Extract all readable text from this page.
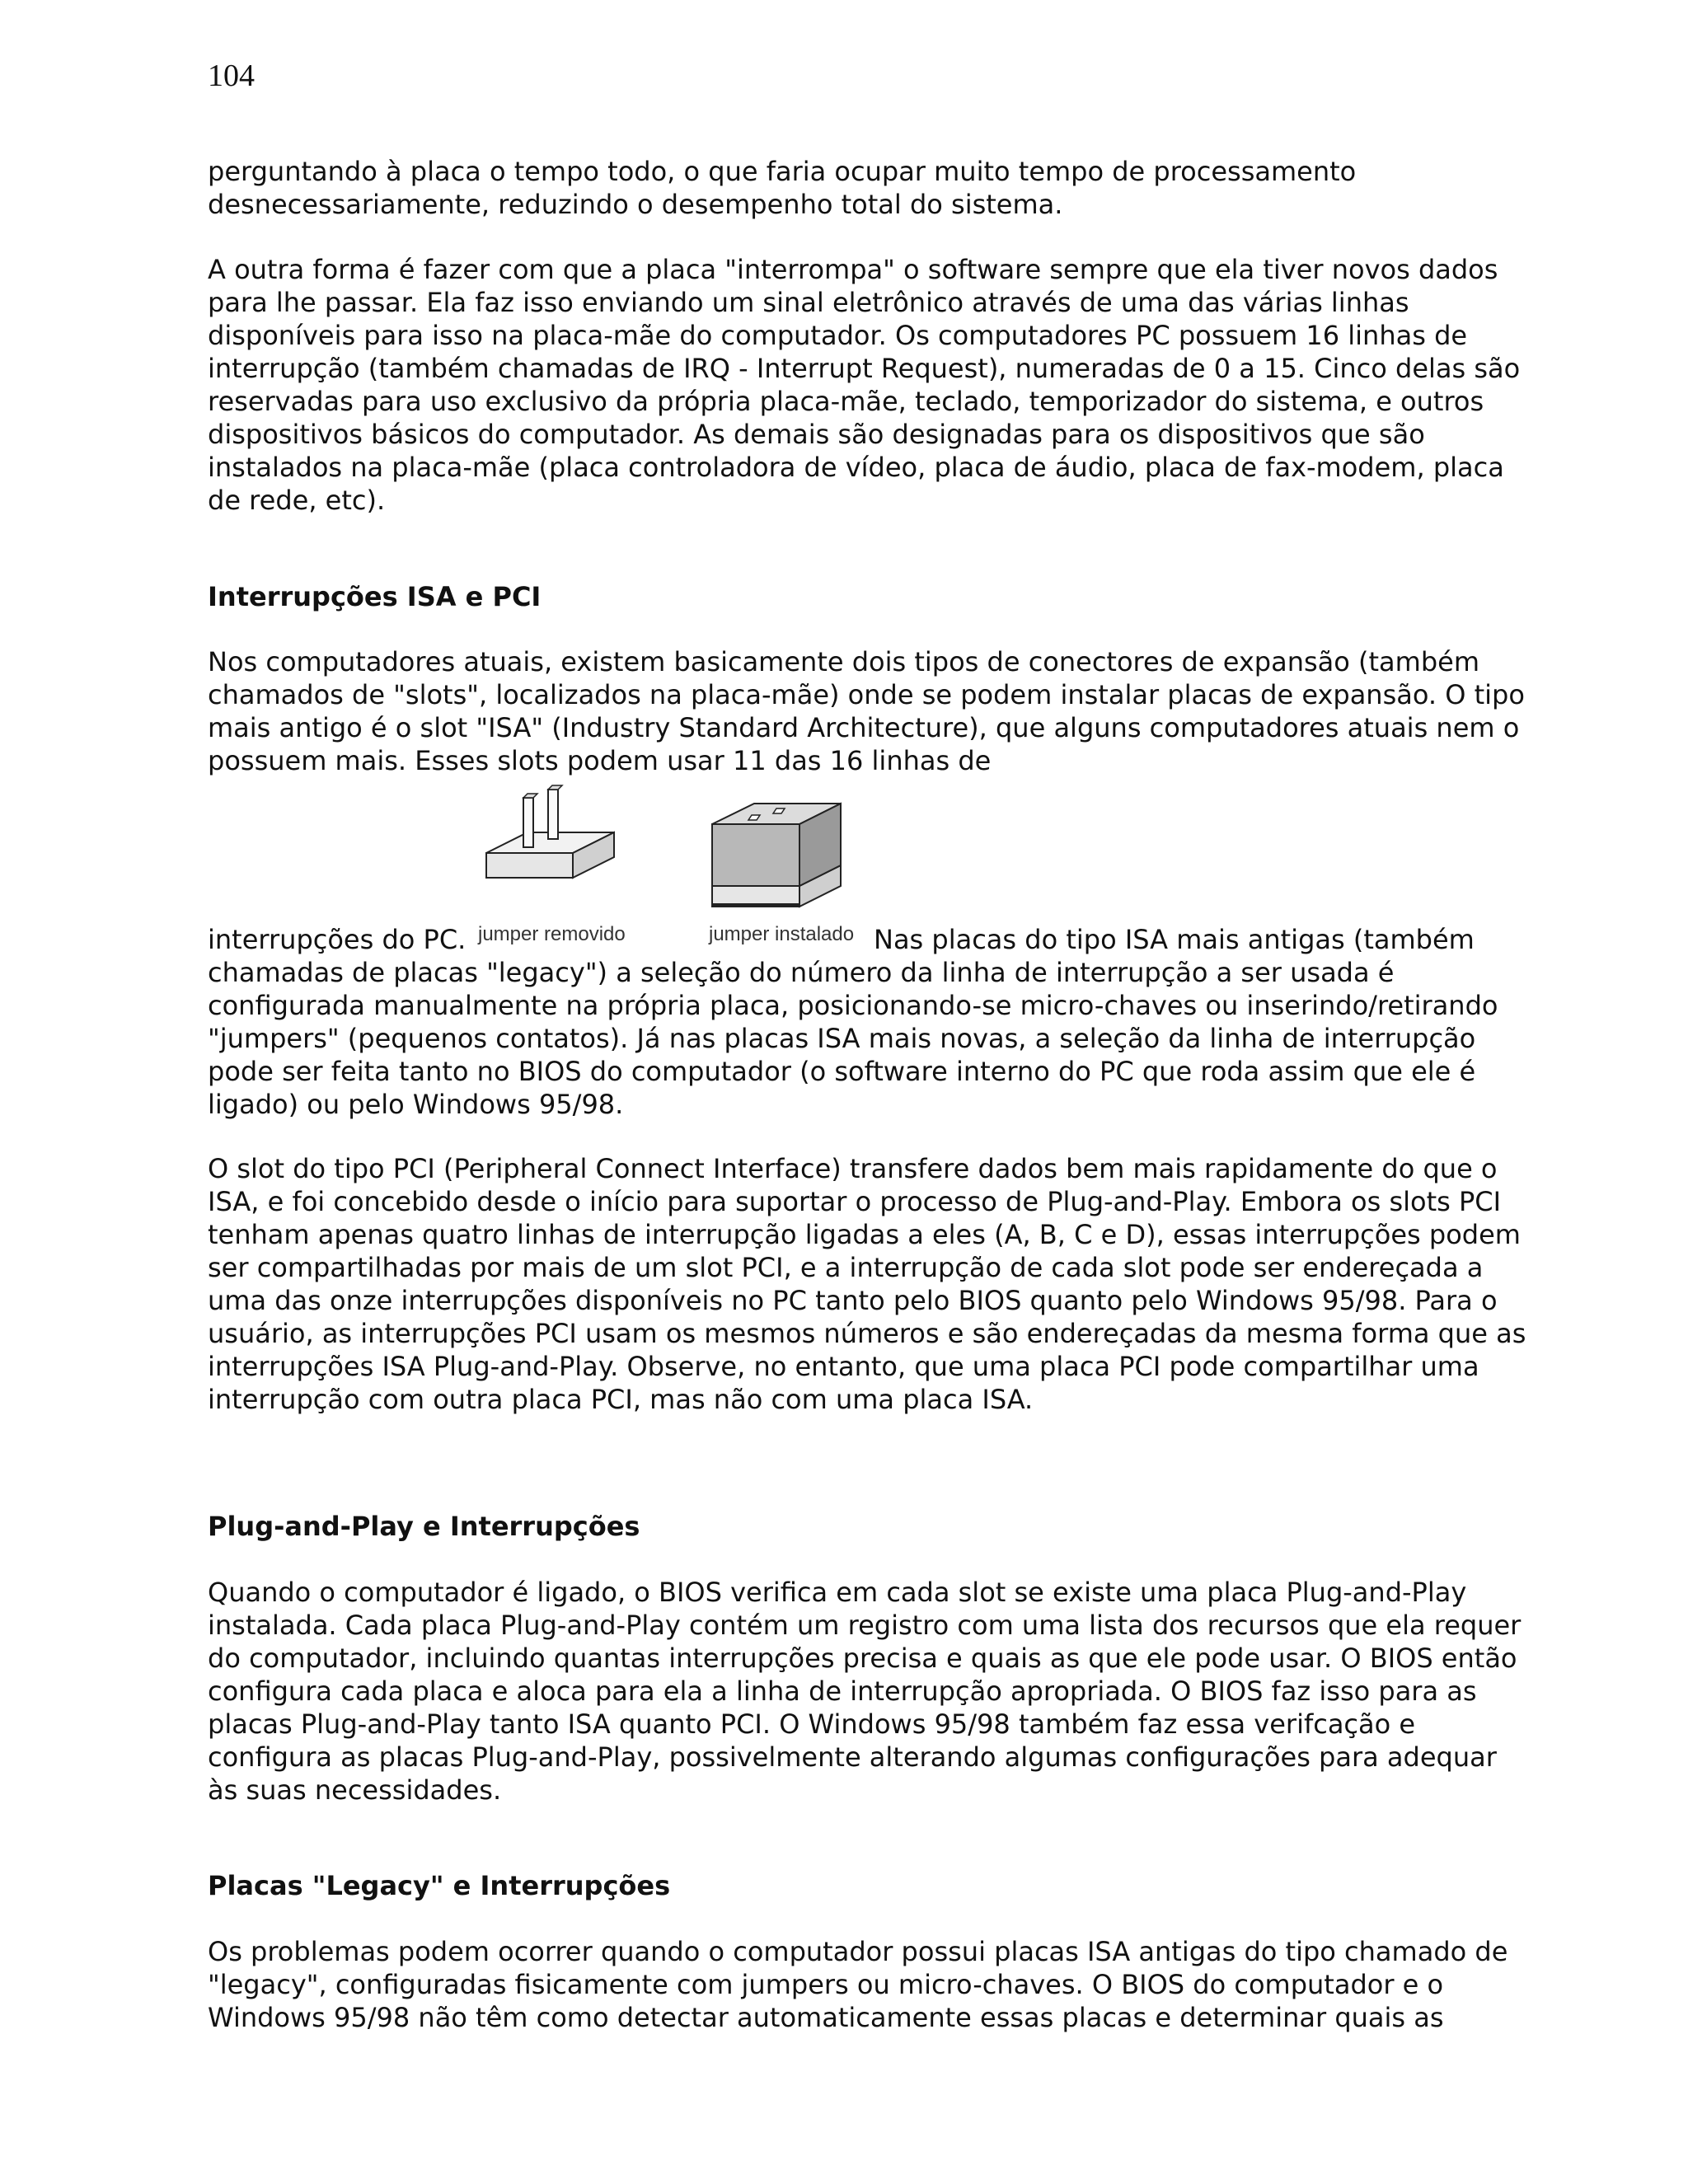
104

perguntando à placa o tempo todo, o que faria ocupar muito tempo de processamento desnecessariamente, reduzindo o desempenho total do sistema.

A outra forma é fazer com que a placa "interrompa" o software sempre que ela tiver novos dados para lhe passar. Ela faz isso enviando um sinal eletrônico através de uma das várias linhas disponíveis para isso na placa-mãe do computador. Os computadores PC possuem 16 linhas de interrupção (também chamadas de IRQ - Interrupt Request), numeradas de 0 a 15. Cinco delas são reservadas para uso exclusivo da própria placa-mãe, teclado, temporizador do sistema, e outros dispositivos básicos do computador. As demais são designadas para os dispositivos que são instalados na placa-mãe (placa controladora de vídeo, placa de áudio, placa de fax-modem, placa de rede, etc).

Interrupções ISA e PCI

Nos computadores atuais, existem basicamente dois tipos de conectores de expansão (também chamados de "slots", localizados na placa-mãe) onde se podem instalar placas de expansão. O tipo mais antigo é o slot "ISA" (Industry Standard Architecture), que alguns computadores atuais nem o possuem mais. Esses slots podem usar 11 das 16 linhas de

interrupções do PC. jumper removido	jumper instalado Nas placas do tipo ISA mais antigas (também

chamadas de placas "legacy") a seleção do número da linha de interrupção a ser usada é configurada manualmente na própria placa, posicionando-se micro-chaves ou inserindo/retirando "jumpers" (pequenos contatos). Já nas placas ISA mais novas, a seleção da linha de interrupção pode ser feita tanto no BIOS do computador (o software interno do PC que roda assim que ele é ligado) ou pelo Windows 95/98.

O slot do tipo PCI (Peripheral Connect Interface) transfere dados bem mais rapidamente do que o ISA, e foi concebido desde o início para suportar o processo de Plug-and-Play. Embora os slots PCI tenham apenas quatro linhas de interrupção ligadas a eles (A, B, C e D), essas interrupções podem ser compartilhadas por mais de um slot PCI, e a interrupção de cada slot pode ser endereçada a uma das onze interrupções disponíveis no PC tanto pelo BIOS quanto pelo Windows 95/98. Para o usuário, as interrupções PCI usam os mesmos números e são endereçadas da mesma forma que as interrupções ISA Plug-and-Play. Observe, no entanto, que uma placa PCI pode compartilhar uma interrupção com outra placa PCI, mas não com uma placa ISA.

Plug-and-Play e Interrupções

Quando o computador é ligado, o BIOS verifica em cada slot se existe uma placa Plug-and-Play instalada. Cada placa Plug-and-Play contém um registro com uma lista dos recursos que ela requer do computador, incluindo quantas interrupções precisa e quais as que ele pode usar. O BIOS então configura cada placa e aloca para ela a linha de interrupção apropriada. O BIOS faz isso para as placas Plug-and-Play tanto ISA quanto PCI. O Windows 95/98 também faz essa verifcação e configura as placas Plug-and-Play, possivelmente alterando algumas configurações para adequar às suas necessidades.

Placas "Legacy" e Interrupções

Os problemas podem ocorrer quando o computador possui placas ISA antigas do tipo chamado de "legacy", configuradas fisicamente com jumpers ou micro-chaves. O BIOS do computador e o Windows 95/98 não têm como detectar automaticamente essas placas e determinar quais as
